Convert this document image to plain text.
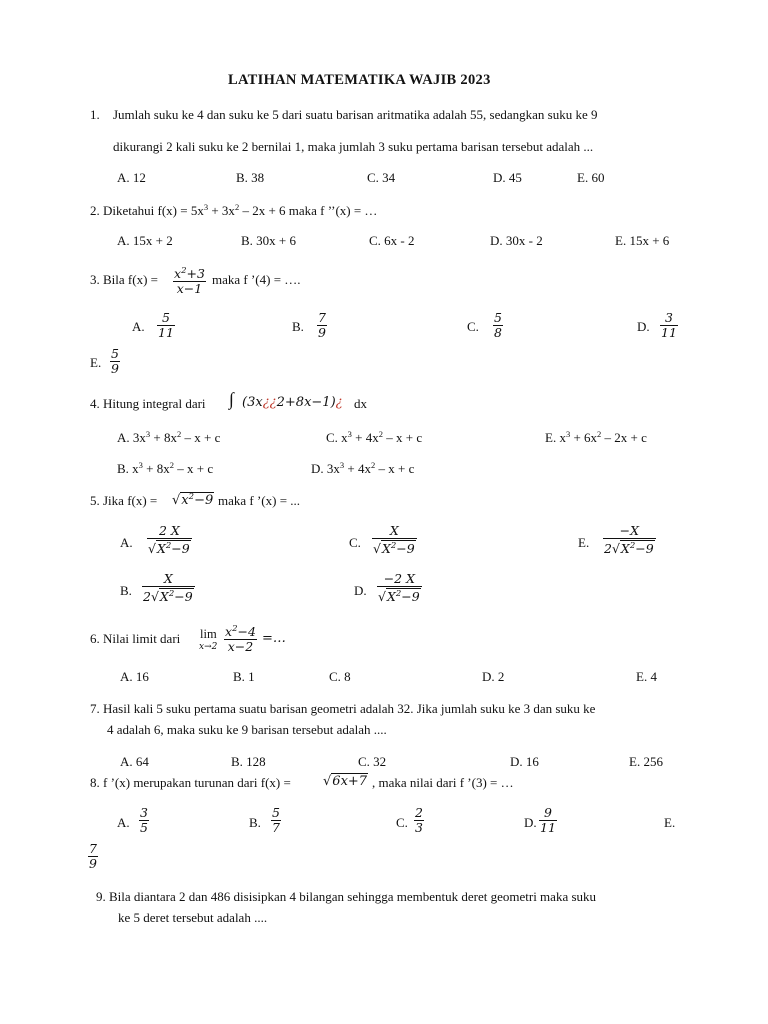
LATIHAN MATEMATIKA WAJIB 2023
1. Jumlah suku ke 4 dan suku ke 5 dari suatu barisan aritmatika adalah 55, sedangkan suku ke 9
dikurangi 2 kali suku ke 2 bernilai 1, maka jumlah 3 suku pertama barisan tersebut adalah ...
A. 12	B. 38	C. 34	D. 45	E. 60
2. Diketahui $f(x) = 5x^3 + 3x^2 - 2x + 6$ maka f ’’(x) = …
A. 15x + 2	B. 30x + 6	C. 6x - 2	D. 30x - 2	E. 15x + 6
3. Bila $f(x) = \frac{x^2+3}{x-1}$ maka f ’(4) = ….
A. $\frac{5}{11}$	B. $\frac{7}{9}$	C. $\frac{5}{8}$	D. $\frac{3}{11}$
E. $\frac{5}{9}$
4. Hitung integral dari ∫ (3x¿¿2+8x−1)¿ dx
A. $3x^3 + 8x^2 - x + c$	C. $x^3 + 4x^2 - x + c$	E. $x^3 + 6x^2 - 2x + c$
B. $x^3 + 8x^2 - x + c$	D. $3x^3 + 4x^2 - x + c$
5. Jika $f(x) = √x^2-9$ maka f ’(x) = ...
A. $\frac{2 X}{√X^2-9}$	C. $\frac{X}{√X^2-9}$	E. $\frac{-X}{2√X^2-9}$
B. $\frac{X}{2√X^2-9}$	D. $\frac{-2 X}{√X^2-9}$
6. Nilai limit dari lim
$x\to 2 \frac{x^2-4}{x-2}$ =…
A. 16	B. 1	C. 8	D. 2	E. 4
7. Hasil kali 5 suku pertama suatu barisan geometri adalah 32. Jika jumlah suku ke 3 dan suku ke
4 adalah 6, maka suku ke 9 barisan tersebut adalah ....
A. 64	B. 128	C. 32	D. 16	E. 256
8. f ’(x) merupakan turunan dari f(x) = √6x+7 , maka nilai dari f ’(3) = …
A. $\frac{3}{5}$	B. $\frac{5}{7}$	C. $\frac{2}{3}$	D. $\frac{9}{11}$	E.
$\frac{7}{9}$
9. Bila diantara 2 dan 486 disisipkan 4 bilangan sehingga membentuk deret geometri maka suku
ke 5 deret tersebut adalah ....
